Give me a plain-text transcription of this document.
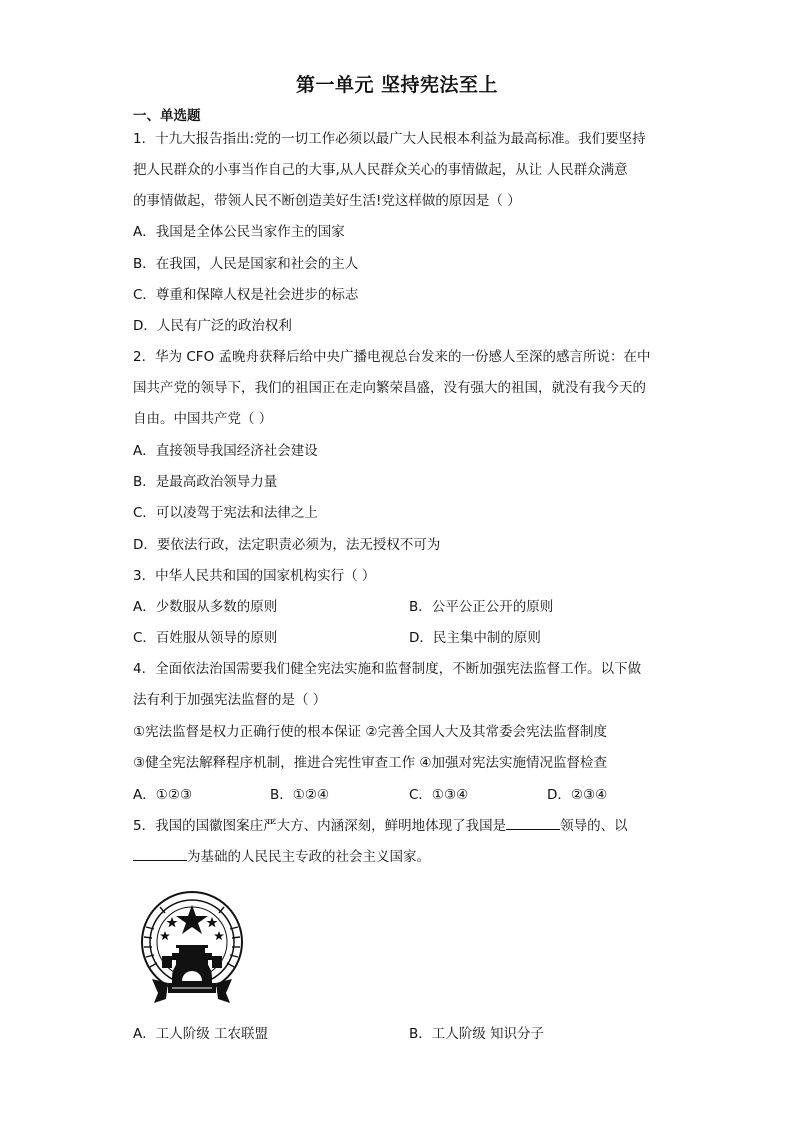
第一单元 坚持宪法至上
一、单选题
1．十九大报告指出:党的一切工作必须以最广大人民根本利益为最高标准。我们要坚持
把人民群众的小事当作自己的大事,从人民群众关心的事情做起，从让 人民群众满意
的事情做起，带领人民不断创造美好生活!党这样做的原因是（ ）
A．我国是全体公民当家作主的国家
B．在我国，人民是国家和社会的主人
C．尊重和保障人权是社会进步的标志
D．人民有广泛的政治权利
2．华为 CFO 孟晚舟获释后给中央广播电视总台发来的一份感人至深的感言所说：在中
国共产党的领导下，我们的祖国正在走向繁荣昌盛，没有强大的祖国，就没有我今天的
自由。中国共产党（ ）
A．直接领导我国经济社会建设
B．是最高政治领导力量
C．可以凌驾于宪法和法律之上
D．要依法行政，法定职责必须为，法无授权不可为
3．中华人民共和国的国家机构实行（ ）
A．少数服从多数的原则	B．公平公正公开的原则
C．百姓服从领导的原则	D．民主集中制的原则
4．全面依法治国需要我们健全宪法实施和监督制度，不断加强宪法监督工作。以下做
法有利于加强宪法监督的是（ ）
①宪法监督是权力正确行使的根本保证 ②完善全国人大及其常委会宪法监督制度
③健全宪法解释程序机制，推进合宪性审查工作 ④加强对宪法实施情况监督检查
A．①②③	B．①②④	C．①③④	D．②③④
5．我国的国徽图案庄严大方、内涵深刻，鲜明地体现了我国是	领导的、以
为基础的人民民主专政的社会主义国家。
A．工人阶级 工农联盟	B．工人阶级 知识分子
